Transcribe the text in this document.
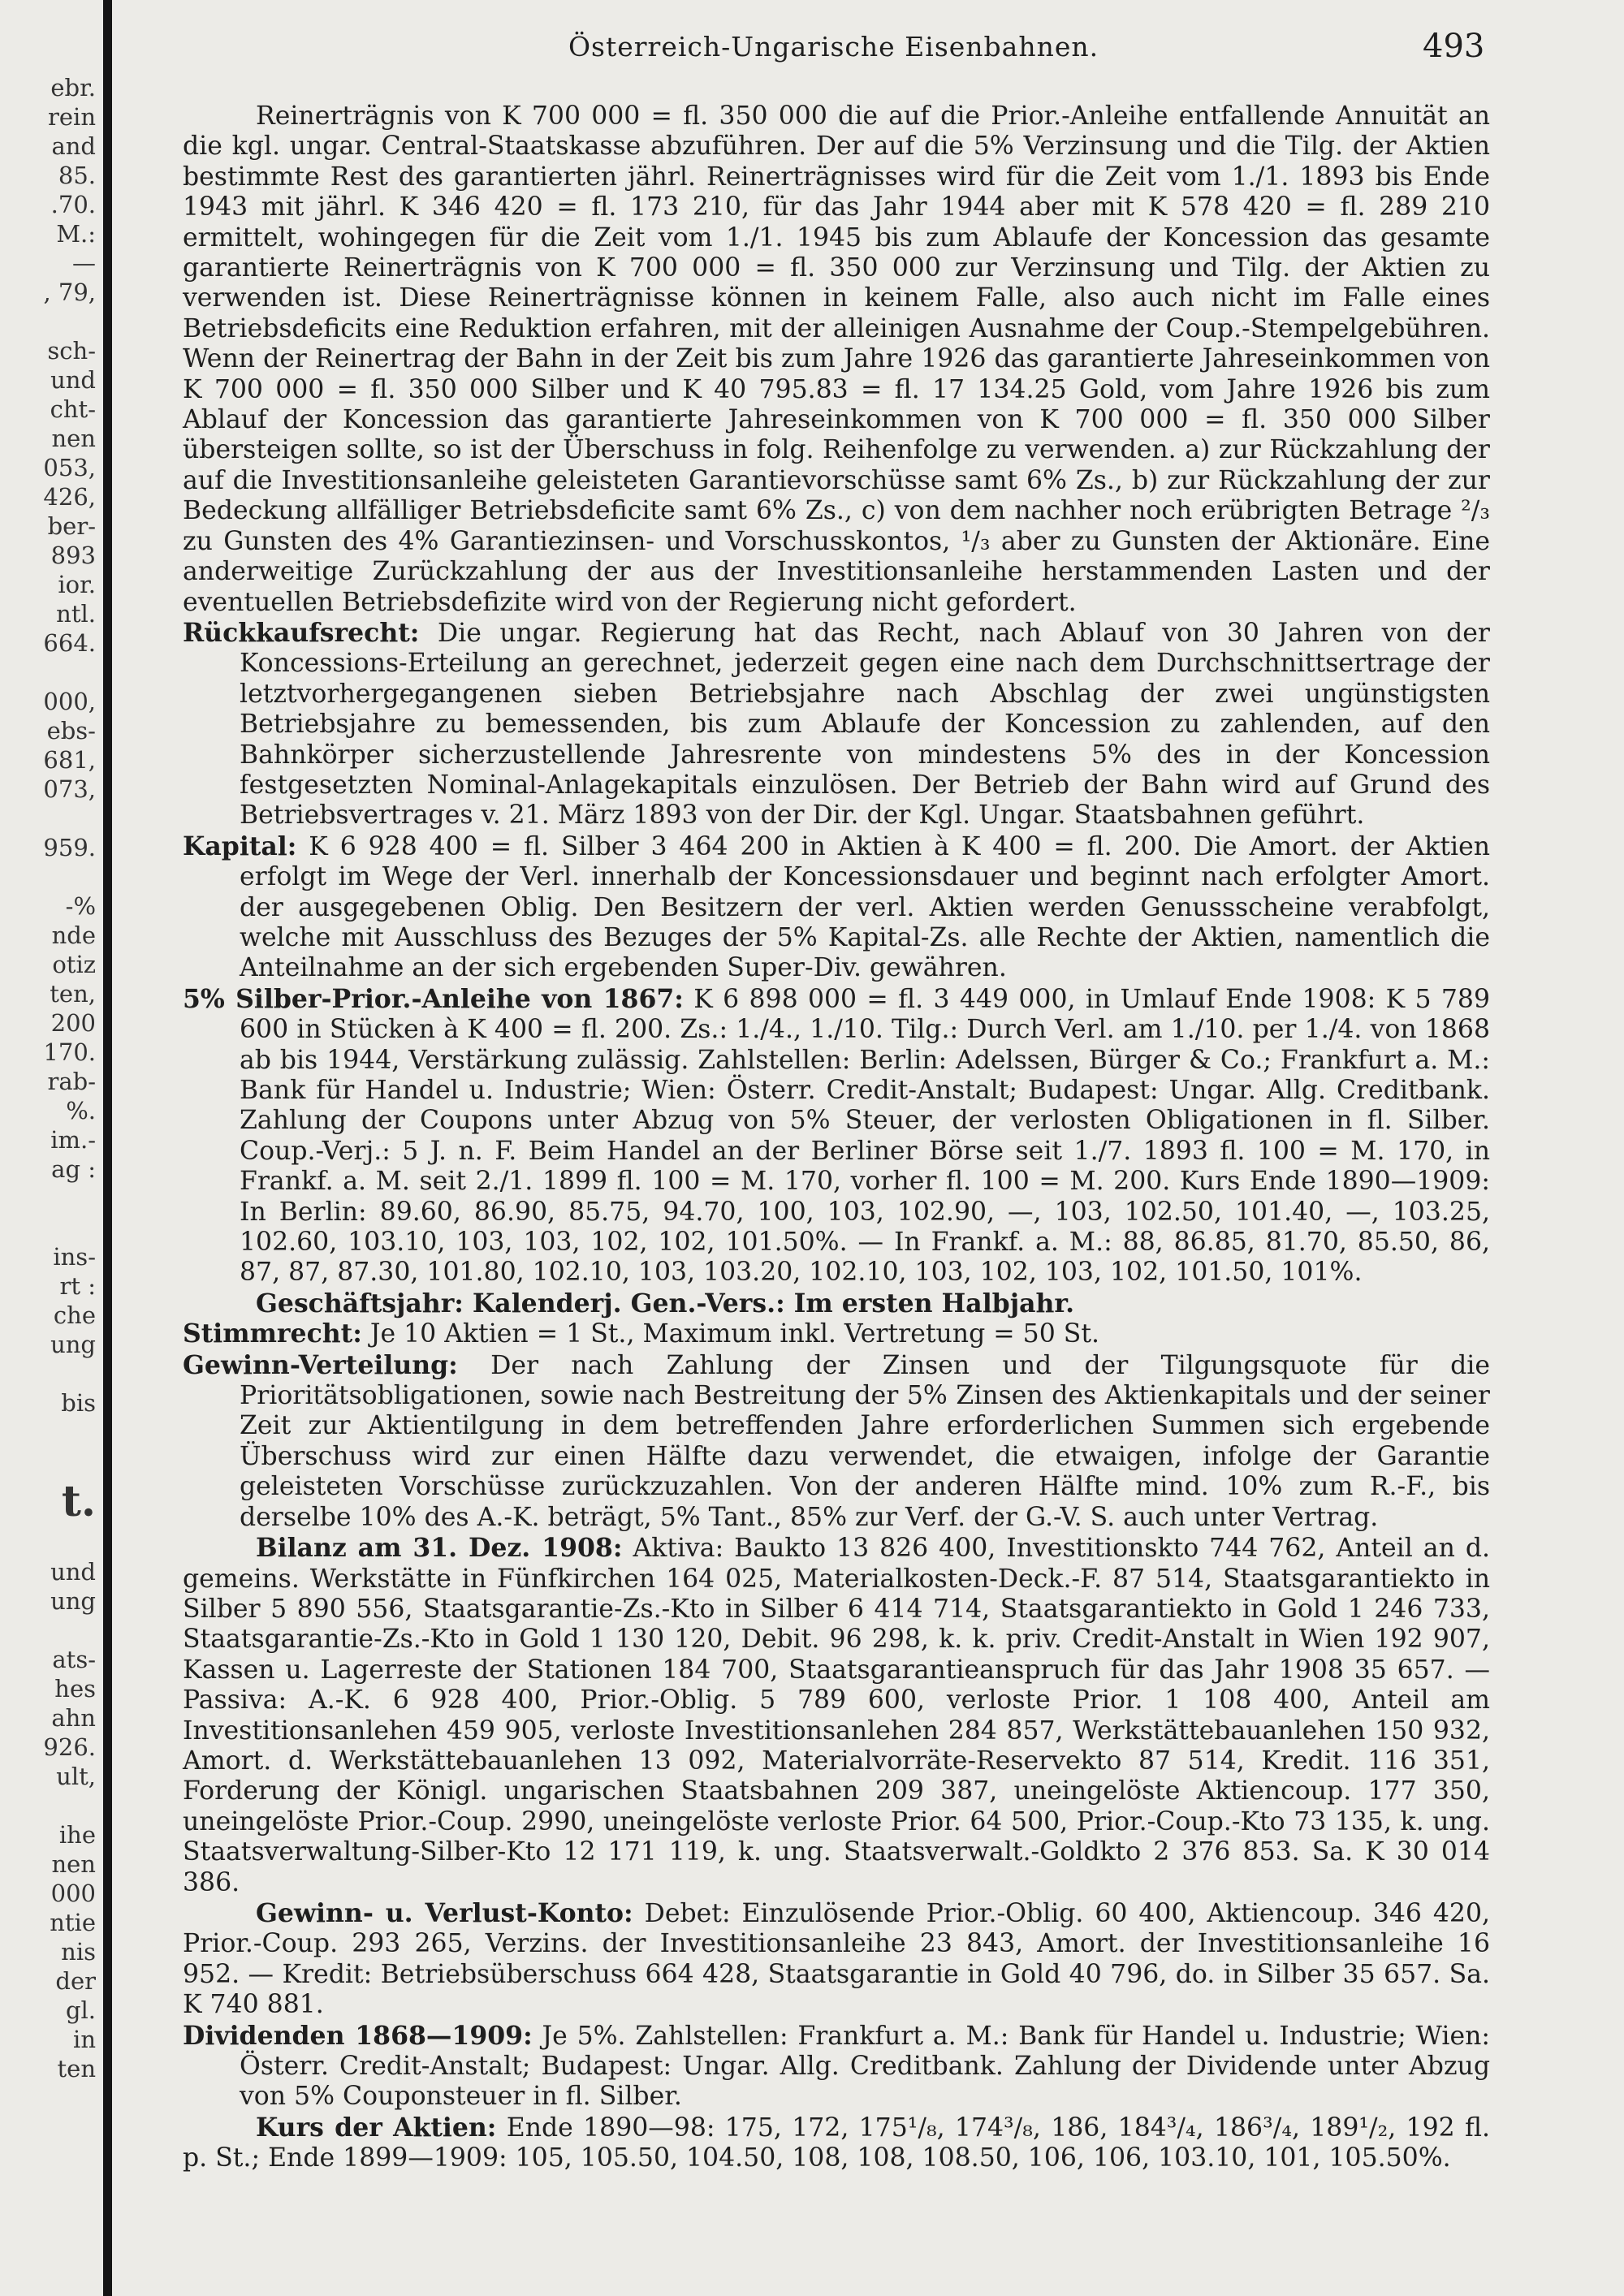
ebr.
rein
and
85.
.70.
M.:
—
, 79,
sch-
und
cht-
nen
053,
426,
ber-
893
ior.
ntl.
664.
000,
ebs-
681,
073,
959.
-%
nde
otiz
ten,
200
170.
rab-
%.
im.-
ag :
ins-
rt :
che
ung
bis
t.
und
ung
ats-
hes
ahn
926.
ult,
ihe
nen
000
ntie
nis
der
gl.
in
ten
Österreich-Ungarische Eisenbahnen.	493

Reinerträgnis von K 700 000 = fl. 350 000 die auf die Prior.-Anleihe entfallende Annuität an die kgl. ungar. Central-Staatskasse abzuführen. Der auf die 5% Verzinsung und die Tilg. der Aktien bestimmte Rest des garantierten jährl. Reinerträgnisses wird für die Zeit vom 1./1. 1893 bis Ende 1943 mit jährl. K 346 420 = fl. 173 210, für das Jahr 1944 aber mit K 578 420 = fl. 289 210 ermittelt, wohingegen für die Zeit vom 1./1. 1945 bis zum Ablaufe der Koncession das gesamte garantierte Reinerträgnis von K 700 000 = fl. 350 000 zur Verzinsung und Tilg. der Aktien zu verwenden ist. Diese Reinerträgnisse können in keinem Falle, also auch nicht im Falle eines Betriebsdeficits eine Reduktion erfahren, mit der alleinigen Ausnahme der Coup.-Stempelgebühren. Wenn der Reinertrag der Bahn in der Zeit bis zum Jahre 1926 das garantierte Jahreseinkommen von K 700 000 = fl. 350 000 Silber und K 40 795.83 = fl. 17 134.25 Gold, vom Jahre 1926 bis zum Ablauf der Koncession das garantierte Jahreseinkommen von K 700 000 = fl. 350 000 Silber übersteigen sollte, so ist der Überschuss in folg. Reihenfolge zu verwenden. a) zur Rückzahlung der auf die Investitionsanleihe geleisteten Garantievorschüsse samt 6% Zs., b) zur Rückzahlung der zur Bedeckung allfälliger Betriebsdeficite samt 6% Zs., c) von dem nachher noch erübrigten Betrage ²/₃ zu Gunsten des 4% Garantiezinsen- und Vorschusskontos, ¹/₃ aber zu Gunsten der Aktionäre. Eine anderweitige Zurückzahlung der aus der Investitionsanleihe herstammenden Lasten und der eventuellen Betriebsdefizite wird von der Regierung nicht gefordert.

Rückkaufsrecht: Die ungar. Regierung hat das Recht, nach Ablauf von 30 Jahren von der Koncessions-Erteilung an gerechnet, jederzeit gegen eine nach dem Durchschnittsertrage der letztvorhergegangenen sieben Betriebsjahre nach Abschlag der zwei ungünstigsten Betriebsjahre zu bemessenden, bis zum Ablaufe der Koncession zu zahlenden, auf den Bahnkörper sicherzustellende Jahresrente von mindestens 5% des in der Koncession festgesetzten Nominal-Anlagekapitals einzulösen. Der Betrieb der Bahn wird auf Grund des Betriebsvertrages v. 21. März 1893 von der Dir. der Kgl. Ungar. Staatsbahnen geführt.

Kapital: K 6 928 400 = fl. Silber 3 464 200 in Aktien à K 400 = fl. 200. Die Amort. der Aktien erfolgt im Wege der Verl. innerhalb der Koncessionsdauer und beginnt nach erfolgter Amort. der ausgegebenen Oblig. Den Besitzern der verl. Aktien werden Genussscheine verabfolgt, welche mit Ausschluss des Bezuges der 5% Kapital-Zs. alle Rechte der Aktien, namentlich die Anteilnahme an der sich ergebenden Super-Div. gewähren.

5% Silber-Prior.-Anleihe von 1867: K 6 898 000 = fl. 3 449 000, in Umlauf Ende 1908: K 5 789 600 in Stücken à K 400 = fl. 200. Zs.: 1./4., 1./10. Tilg.: Durch Verl. am 1./10. per 1./4. von 1868 ab bis 1944, Verstärkung zulässig. Zahlstellen: Berlin: Adelssen, Bürger & Co.; Frankfurt a. M.: Bank für Handel u. Industrie; Wien: Österr. Credit-Anstalt; Budapest: Ungar. Allg. Creditbank. Zahlung der Coupons unter Abzug von 5% Steuer, der verlosten Obligationen in fl. Silber. Coup.-Verj.: 5 J. n. F. Beim Handel an der Berliner Börse seit 1./7. 1893 fl. 100 = M. 170, in Frankf. a. M. seit 2./1. 1899 fl. 100 = M. 170, vorher fl. 100 = M. 200. Kurs Ende 1890—1909: In Berlin: 89.60, 86.90, 85.75, 94.70, 100, 103, 102.90, —, 103, 102.50, 101.40, —, 103.25, 102.60, 103.10, 103, 103, 102, 102, 101.50%. — In Frankf. a. M.: 88, 86.85, 81.70, 85.50, 86, 87, 87, 87.30, 101.80, 102.10, 103, 103.20, 102.10, 103, 102, 103, 102, 101.50, 101%.

Geschäftsjahr: Kalenderj. Gen.-Vers.: Im ersten Halbjahr.

Stimmrecht: Je 10 Aktien = 1 St., Maximum inkl. Vertretung = 50 St.

Gewinn-Verteilung: Der nach Zahlung der Zinsen und der Tilgungsquote für die Prioritätsobligationen, sowie nach Bestreitung der 5% Zinsen des Aktienkapitals und der seiner Zeit zur Aktientilgung in dem betreffenden Jahre erforderlichen Summen sich ergebende Überschuss wird zur einen Hälfte dazu verwendet, die etwaigen, infolge der Garantie geleisteten Vorschüsse zurückzuzahlen. Von der anderen Hälfte mind. 10% zum R.-F., bis derselbe 10% des A.-K. beträgt, 5% Tant., 85% zur Verf. der G.-V. S. auch unter Vertrag.

Bilanz am 31. Dez. 1908: Aktiva: Baukto 13 826 400, Investitionskto 744 762, Anteil an d. gemeins. Werkstätte in Fünfkirchen 164 025, Materialkosten-Deck.-F. 87 514, Staatsgarantiekto in Silber 5 890 556, Staatsgarantie-Zs.-Kto in Silber 6 414 714, Staatsgarantiekto in Gold 1 246 733, Staatsgarantie-Zs.-Kto in Gold 1 130 120, Debit. 96 298, k. k. priv. Credit-Anstalt in Wien 192 907, Kassen u. Lagerreste der Stationen 184 700, Staatsgarantieanspruch für das Jahr 1908 35 657. — Passiva: A.-K. 6 928 400, Prior.-Oblig. 5 789 600, verloste Prior. 1 108 400, Anteil am Investitionsanlehen 459 905, verloste Investitionsanlehen 284 857, Werkstättebauanlehen 150 932, Amort. d. Werkstättebauanlehen 13 092, Materialvorräte-Reservekto 87 514, Kredit. 116 351, Forderung der Königl. ungarischen Staatsbahnen 209 387, uneingelöste Aktiencoup. 177 350, uneingelöste Prior.-Coup. 2990, uneingelöste verloste Prior. 64 500, Prior.-Coup.-Kto 73 135, k. ung. Staatsverwaltung-Silber-Kto 12 171 119, k. ung. Staatsverwalt.-Goldkto 2 376 853. Sa. K 30 014 386.

Gewinn- u. Verlust-Konto: Debet: Einzulösende Prior.-Oblig. 60 400, Aktiencoup. 346 420, Prior.-Coup. 293 265, Verzins. der Investitionsanleihe 23 843, Amort. der Investitionsanleihe 16 952. — Kredit: Betriebsüberschuss 664 428, Staatsgarantie in Gold 40 796, do. in Silber 35 657. Sa. K 740 881.

Dividenden 1868—1909: Je 5%. Zahlstellen: Frankfurt a. M.: Bank für Handel u. Industrie; Wien: Österr. Credit-Anstalt; Budapest: Ungar. Allg. Creditbank. Zahlung der Dividende unter Abzug von 5% Couponsteuer in fl. Silber.

Kurs der Aktien: Ende 1890—98: 175, 172, 175¹/₈, 174³/₈, 186, 184³/₄, 186³/₄, 189¹/₂, 192 fl. p. St.; Ende 1899—1909: 105, 105.50, 104.50, 108, 108, 108.50, 106, 106, 103.10, 101, 105.50%.
